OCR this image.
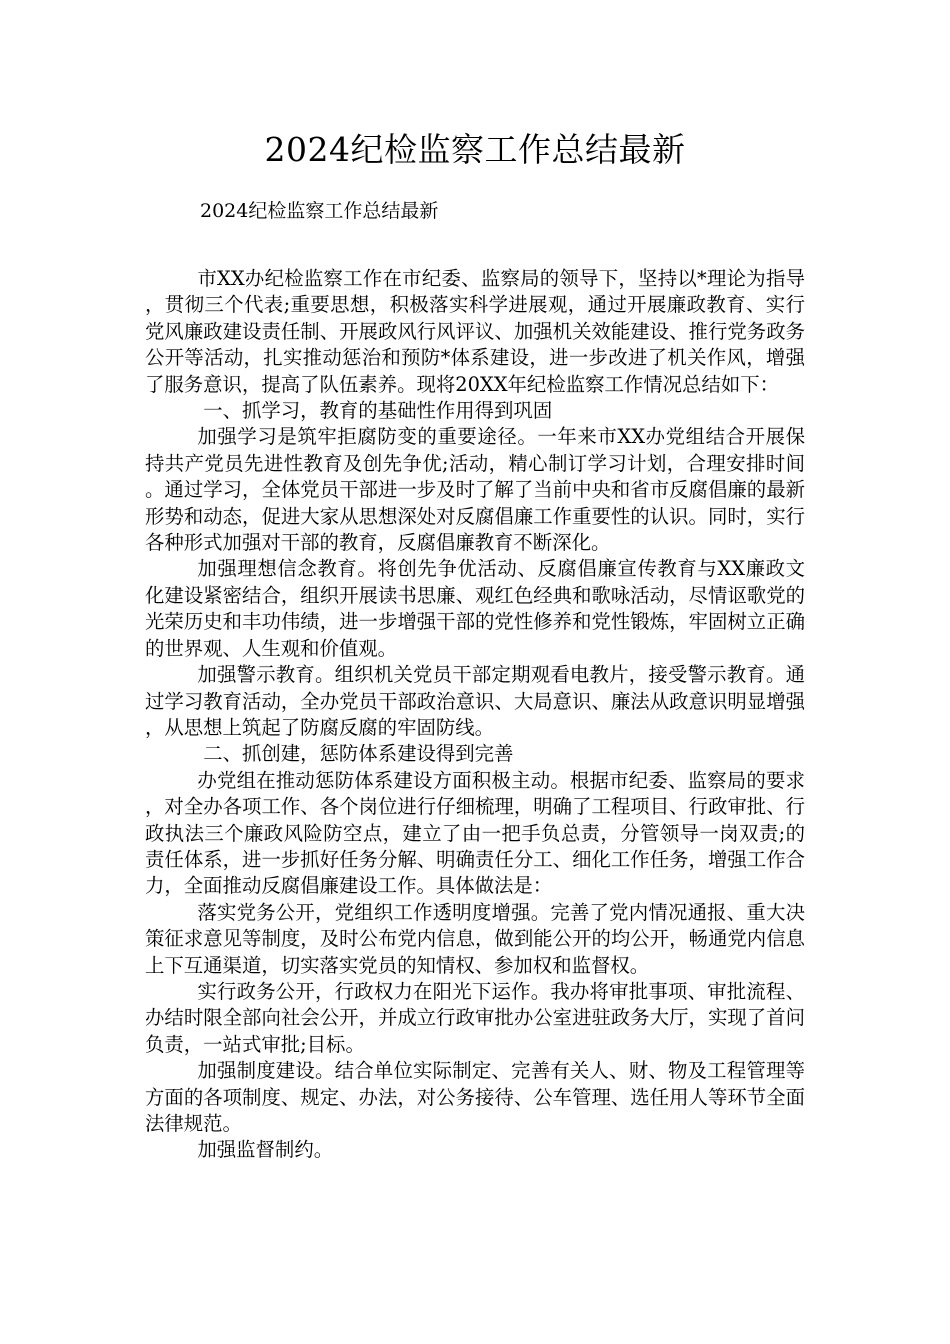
2024纪检监察工作总结最新

2024纪检监察工作总结最新

市XX办纪检监察工作在市纪委、监察局的领导下，坚持以*理论为指导，贯彻三个代表;重要思想，积极落实科学进展观，通过开展廉政教育、实行党风廉政建设责任制、开展政风行风评议、加强机关效能建设、推行党务政务公开等活动，扎实推动惩治和预防*体系建设，进一步改进了机关作风，增强了服务意识，提高了队伍素养。现将20XX年纪检监察工作情况总结如下：

一、抓学习，教育的基础性作用得到巩固

加强学习是筑牢拒腐防变的重要途径。一年来市XX办党组结合开展保持共产党员先进性教育及创先争优;活动，精心制订学习计划，合理安排时间。通过学习，全体党员干部进一步及时了解了当前中央和省市反腐倡廉的最新形势和动态，促进大家从思想深处对反腐倡廉工作重要性的认识。同时，实行各种形式加强对干部的教育，反腐倡廉教育不断深化。

加强理想信念教育。将创先争优活动、反腐倡廉宣传教育与XX廉政文化建设紧密结合，组织开展读书思廉、观红色经典和歌咏活动，尽情讴歌党的光荣历史和丰功伟绩，进一步增强干部的党性修养和党性锻炼，牢固树立正确的世界观、人生观和价值观。

加强警示教育。组织机关党员干部定期观看电教片，接受警示教育。通过学习教育活动，全办党员干部政治意识、大局意识、廉法从政意识明显增强，从思想上筑起了防腐反腐的牢固防线。

二、抓创建，惩防体系建设得到完善

办党组在推动惩防体系建设方面积极主动。根据市纪委、监察局的要求，对全办各项工作、各个岗位进行仔细梳理，明确了工程项目、行政审批、行政执法三个廉政风险防空点，建立了由一把手负总责，分管领导一岗双责;的责任体系，进一步抓好任务分解、明确责任分工、细化工作任务，增强工作合力，全面推动反腐倡廉建设工作。具体做法是：

落实党务公开，党组织工作透明度增强。完善了党内情况通报、重大决策征求意见等制度，及时公布党内信息，做到能公开的均公开，畅通党内信息上下互通渠道，切实落实党员的知情权、参加权和监督权。

实行政务公开，行政权力在阳光下运作。我办将审批事项、审批流程、办结时限全部向社会公开，并成立行政审批办公室进驻政务大厅，实现了首问负责，一站式审批;目标。

加强制度建设。结合单位实际制定、完善有关人、财、物及工程管理等方面的各项制度、规定、办法，对公务接待、公车管理、选任用人等环节全面法律规范。

加强监督制约。
